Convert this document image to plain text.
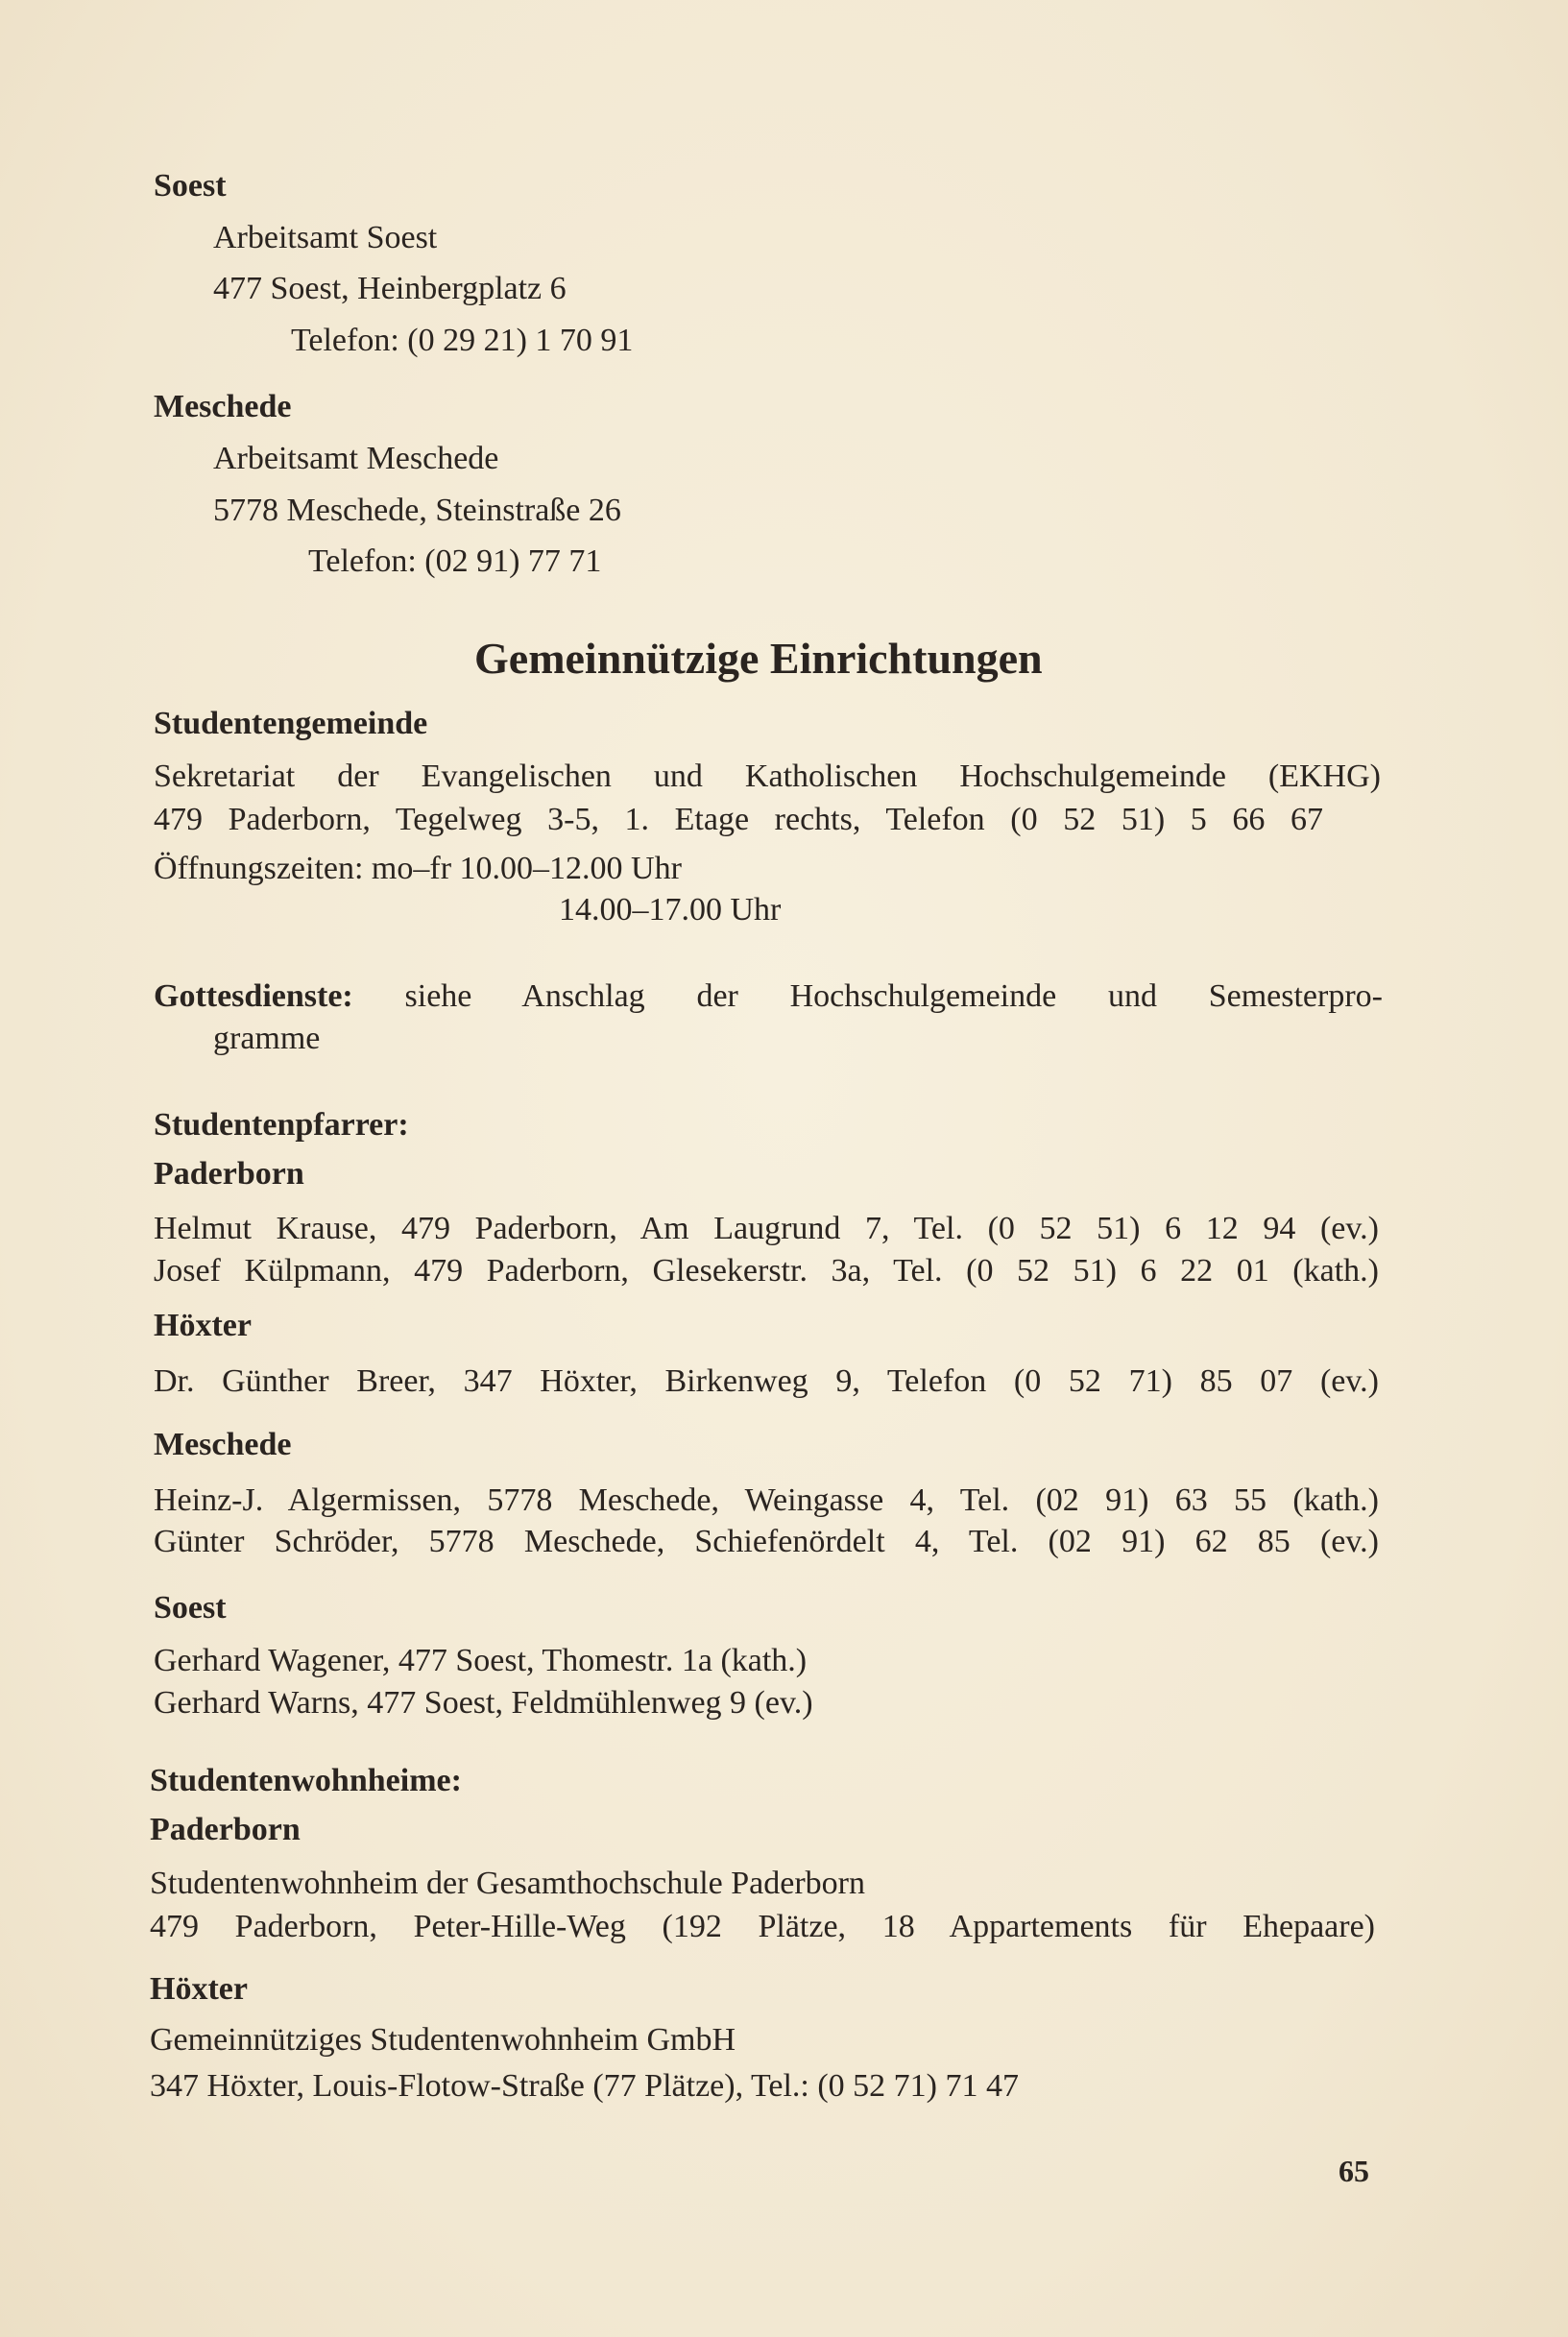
Soest
Arbeitsamt Soest
477 Soest, Heinbergplatz 6
Telefon: (0 29 21) 1 70 91
Meschede
Arbeitsamt Meschede
5778 Meschede, Steinstraße 26
Telefon: (02 91) 77 71
Gemeinnützige Einrichtungen
Studentengemeinde
Sekretariat der Evangelischen und Katholischen Hochschulgemeinde (EKHG)
479 Paderborn, Tegelweg 3-5, 1. Etage rechts, Telefon (0 52 51) 5 66 67
Öffnungszeiten: mo–fr 10.00–12.00 Uhr
14.00–17.00 Uhr
Gottesdienste: siehe Anschlag der Hochschulgemeinde und Semesterpro-
gramme
Studentenpfarrer:
Paderborn
Helmut Krause, 479 Paderborn, Am Laugrund 7, Tel. (0 52 51) 6 12 94 (ev.)
Josef Külpmann, 479 Paderborn, Glesekerstr. 3a, Tel. (0 52 51) 6 22 01 (kath.)
Höxter
Dr. Günther Breer, 347 Höxter, Birkenweg 9, Telefon (0 52 71) 85 07 (ev.)
Meschede
Heinz-J. Algermissen, 5778 Meschede, Weingasse 4, Tel. (02 91) 63 55 (kath.)
Günter Schröder, 5778 Meschede, Schiefenördelt 4, Tel. (02 91) 62 85 (ev.)
Soest
Gerhard Wagener, 477 Soest, Thomestr. 1a (kath.)
Gerhard Warns, 477 Soest, Feldmühlenweg 9 (ev.)
Studentenwohnheime:
Paderborn
Studentenwohnheim der Gesamthochschule Paderborn
479 Paderborn, Peter-Hille-Weg (192 Plätze, 18 Appartements für Ehepaare)
Höxter
Gemeinnütziges Studentenwohnheim GmbH
347 Höxter, Louis-Flotow-Straße (77 Plätze), Tel.: (0 52 71) 71 47
65
